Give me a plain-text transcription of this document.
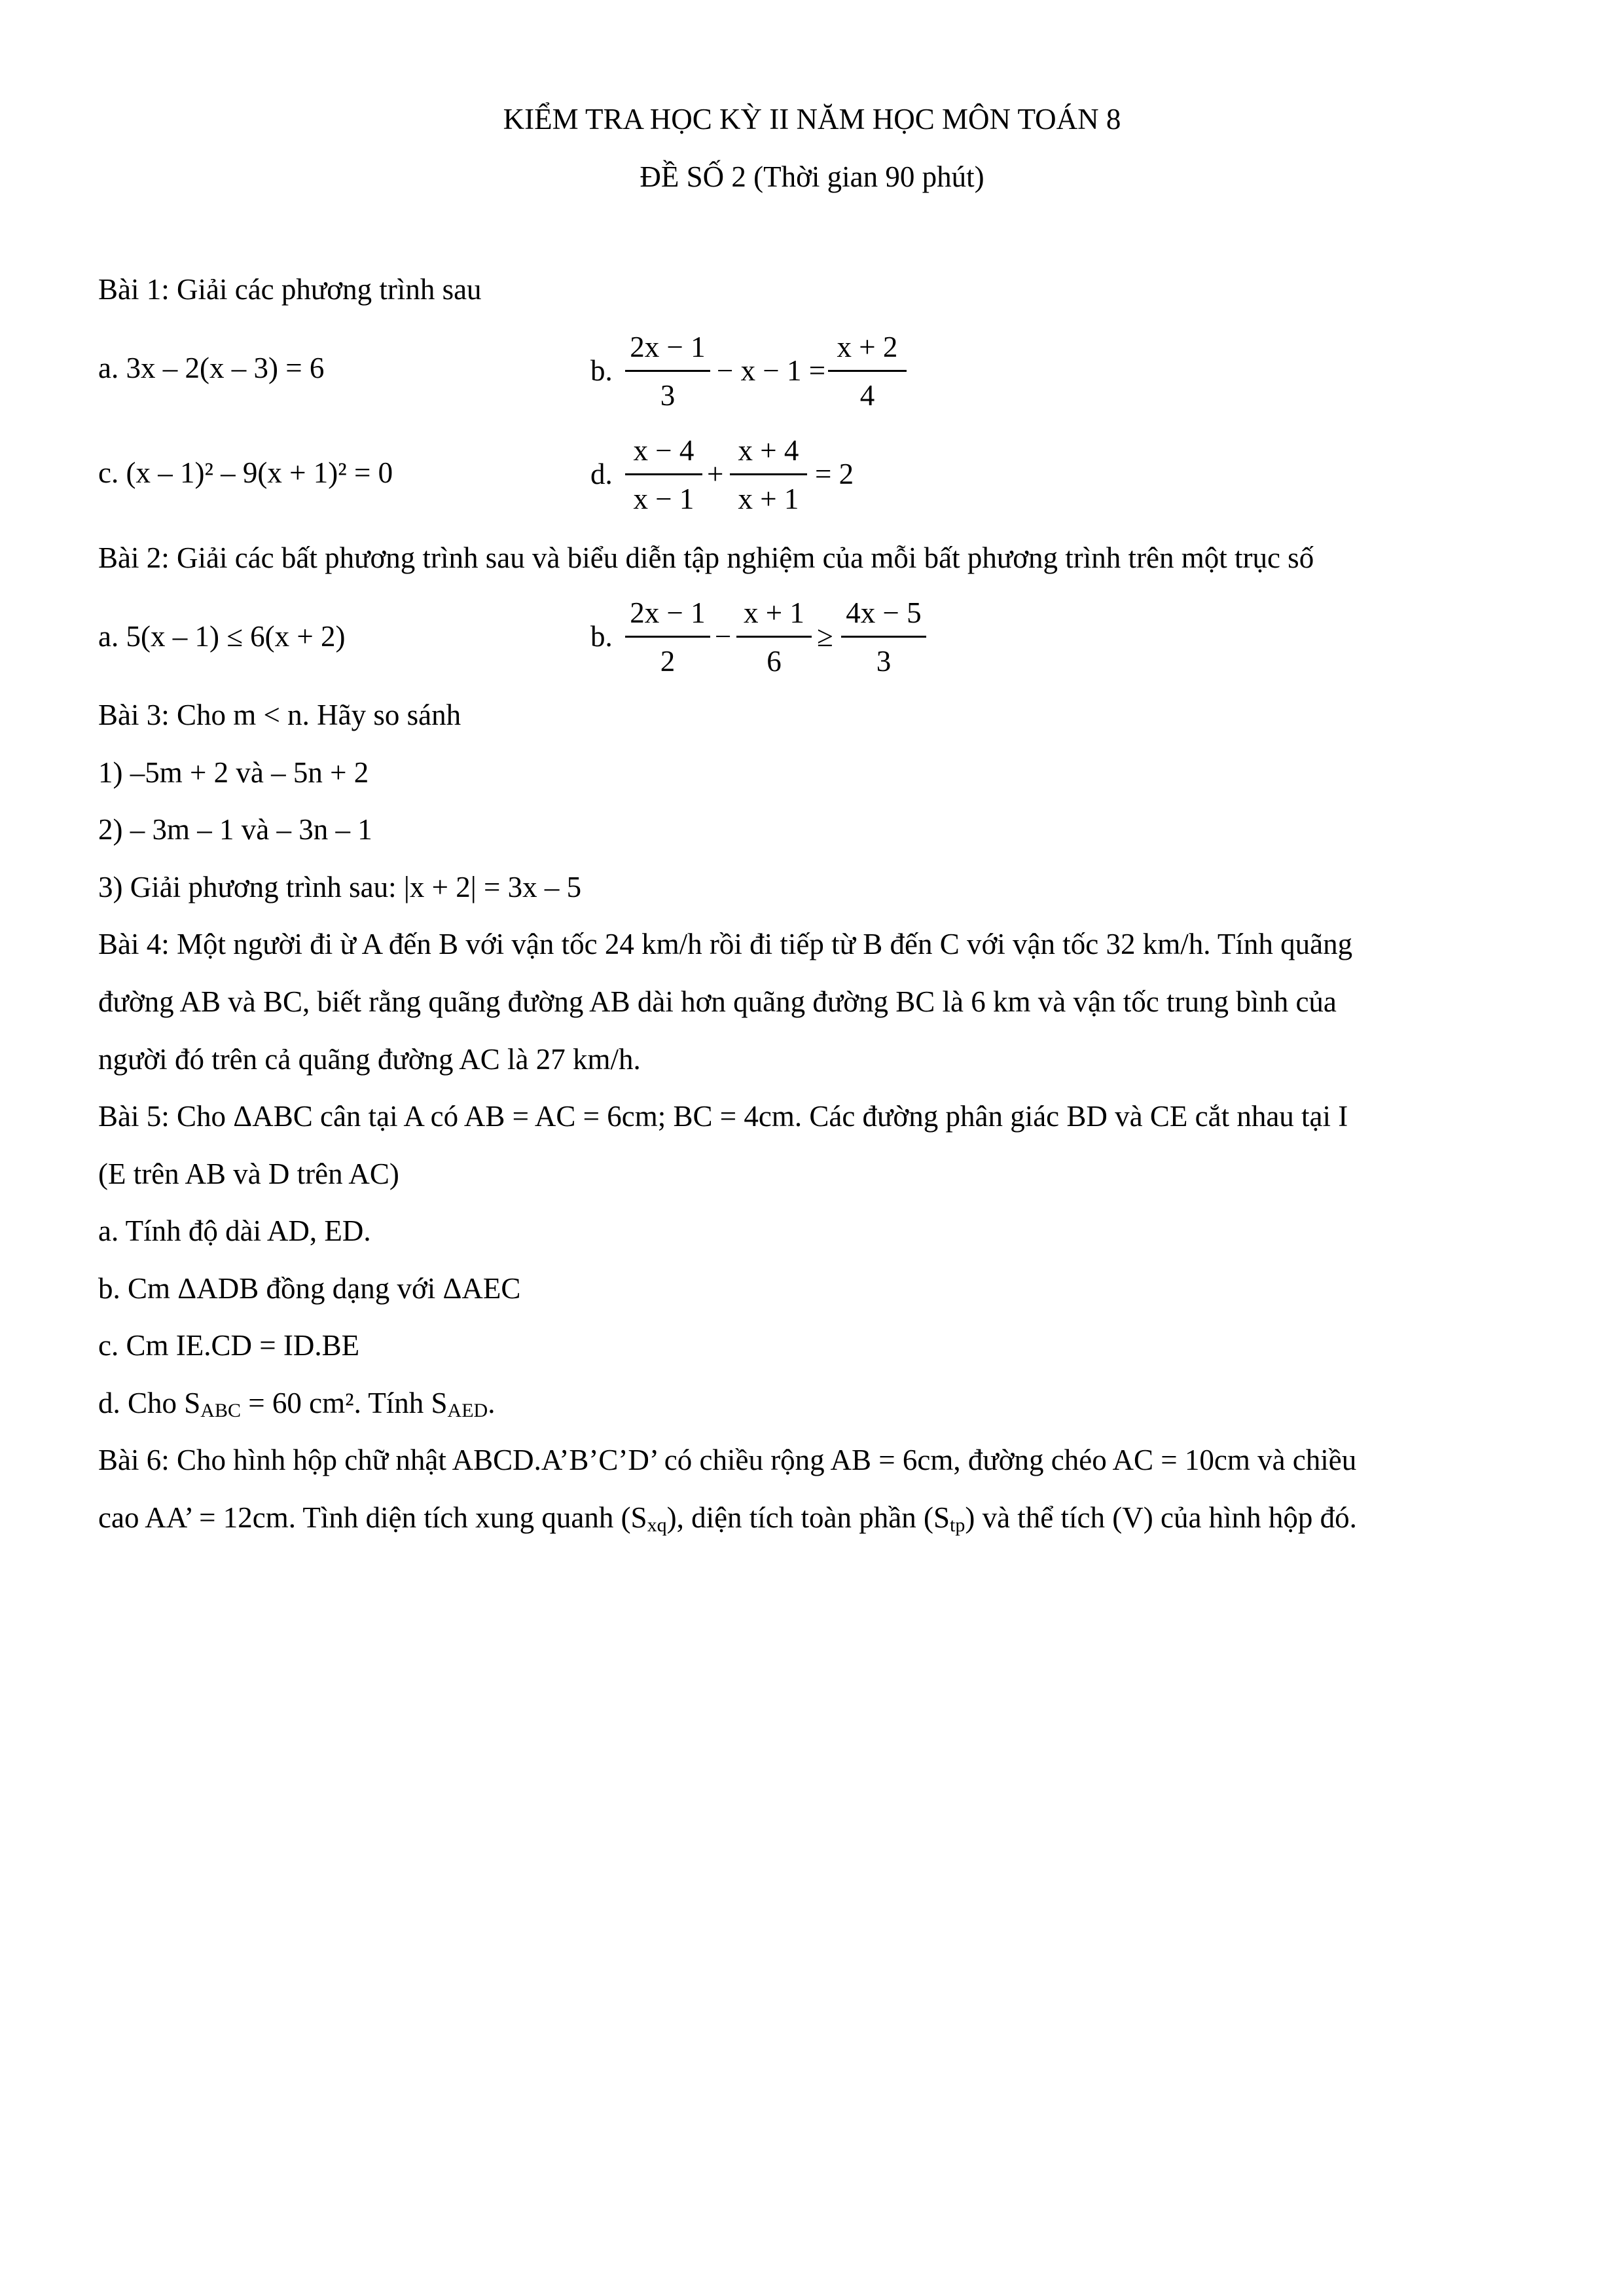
KIỂM TRA HỌC KỲ II NĂM HỌC MÔN TOÁN 8
ĐỀ SỐ 2 (Thời gian 90 phút)
Bài 1: Giải các phương trình sau
a. 3x – 2(x – 3) = 6	b.
2x − 1
3
− x − 1 =
x + 2
4
c. (x – 1)² – 9(x + 1)² = 0	d.
x − 4
x − 1
+
x + 4
x + 1
= 2
Bài 2: Giải các bất phương trình sau và biểu diễn tập nghiệm của mỗi bất phương trình trên một trục số
a. 5(x – 1) ≤ 6(x + 2)	b.
2x − 1
2
−
x + 1
6
≥
4x − 5
3
Bài 3: Cho m < n. Hãy so sánh
1) –5m + 2 và – 5n + 2
2) – 3m – 1 và – 3n – 1
3) Giải phương trình sau: |x + 2| = 3x – 5
Bài 4: Một người đi ừ A đến B với vận tốc 24 km/h rồi đi tiếp từ B đến C với vận tốc 32 km/h. Tính quãng
đường AB và BC, biết rằng quãng đường AB dài hơn quãng đường BC là 6 km và vận tốc trung bình của
người đó trên cả quãng đường AC là 27 km/h.
Bài 5: Cho ΔABC cân tại A có AB = AC = 6cm; BC = 4cm. Các đường phân giác BD và CE cắt nhau tại I
(E trên AB và D trên AC)
a. Tính độ dài AD, ED.
b. Cm ΔADB đồng dạng với ΔAEC
c. Cm IE.CD = ID.BE
d. Cho $S_{ABC} = 60$ cm². Tính $S_{AED}$.
Bài 6: Cho hình hộp chữ nhật ABCD.A’B’C’D’ có chiều rộng AB = 6cm, đường chéo AC = 10cm và chiều
cao AA’ = 12cm. Tình diện tích xung quanh $(S_{xq})$, diện tích toàn phần $(S_{tp})$ và thể tích (V) của hình hộp đó.
